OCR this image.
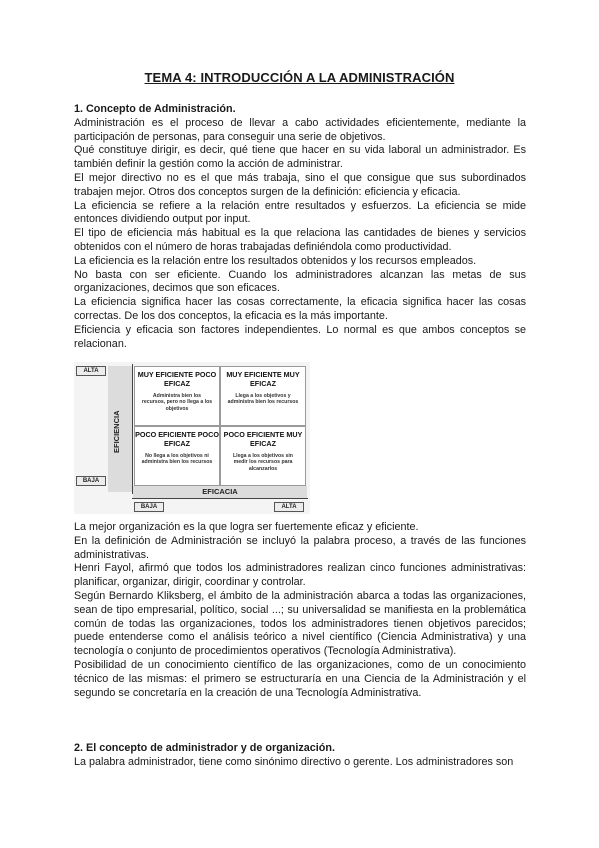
TEMA 4: INTRODUCCIÓN A LA ADMINISTRACIÓN
1. Concepto de Administración.

Administración es el proceso de llevar a cabo actividades eficientemente, mediante la participación de personas, para conseguir una serie de objetivos.

Qué constituye dirigir, es decir, qué tiene que hacer en su vida laboral un administrador. Es también definir la gestión como la acción de administrar.

El mejor directivo no es el que más trabaja, sino el que consigue que sus subordinados trabajen mejor. Otros dos conceptos surgen de la definición: eficiencia y eficacia.

La eficiencia se refiere a la relación entre resultados y esfuerzos. La eficiencia se mide entonces dividiendo output por input.

El tipo de eficiencia más habitual es la que relaciona las cantidades de bienes y servicios obtenidos con el número de horas trabajadas definiéndola como productividad.

La eficiencia es la relación entre los resultados obtenidos y los recursos empleados.

No basta con ser eficiente. Cuando los administradores alcanzan las metas de sus organizaciones, decimos que son eficaces.

La eficiencia significa hacer las cosas correctamente, la eficacia significa hacer las cosas correctas. De los dos conceptos, la eficacia es la más importante.

Eficiencia y eficacia son factores independientes. Lo normal es que ambos conceptos se relacionan.

EFICIENCIA
ALTA
BAJA
MUY EFICIENTE POCO EFICAZ
Administra bien los recursos, pero no llega a los objetivos
MUY EFICIENTE MUY EFICAZ
Llega a los objetivos y administra bien los recursos
POCO EFICIENTE POCO EFICAZ
No llega a los objetivos ni administra bien los recursos
POCO EFICIENTE MUY EFICAZ
Llega a los objetivos sin medir los recursos para alcanzarlos
EFICACIA
BAJA	ALTA

La mejor organización es la que logra ser fuertemente eficaz y eficiente.

En la definición de Administración se incluyó la palabra proceso, a través de las funciones administrativas.

Henri Fayol, afirmó que todos los administradores realizan cinco funciones administrativas: planificar, organizar, dirigir, coordinar y controlar.

Según Bernardo Kliksberg, el ámbito de la administración abarca a todas las organizaciones, sean de tipo empresarial, político, social ...; su universalidad se manifiesta en la problemática común de todas las organizaciones, todos los administradores tienen objetivos parecidos; puede entenderse como el análisis teórico a nivel científico (Ciencia Administrativa) y una tecnología o conjunto de procedimientos operativos (Tecnología Administrativa).

Posibilidad de un conocimiento científico de las organizaciones, como de un conocimiento técnico de las mismas: el primero se estructuraría en una Ciencia de la Administración y el segundo se concretaría en la creación de una Tecnología Administrativa.

2. El concepto de administrador y de organización.

La palabra administrador, tiene como sinónimo directivo o gerente. Los administradores son
